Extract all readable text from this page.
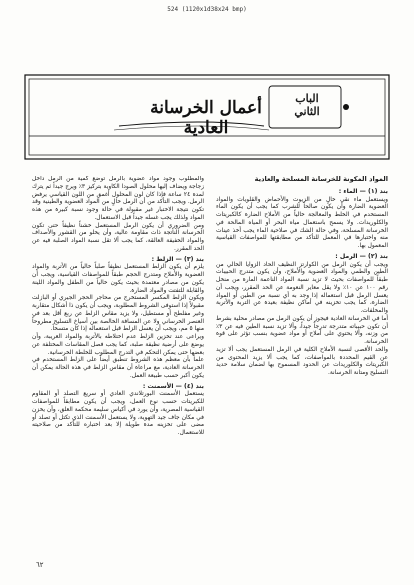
524 (1120x1d38x24 bmp)
الباب
الثاني
أعمال الخرسانة العادية

المواد المكونة للخرسانة المسلحة والعادية

بند (١) — الماء :

ويستعمل ماء نقي خالٍ من الزيوت والأحماض والقلويات والمواد العضوية الضارة وأن يكون صالحاً للشرب كما يجب أن يكون الماء المستخدم في الخلط والمعالجة خالياً من الأملاح الضارة كالكبريتات والكلوريدات. ولا يسمح باستعمال مياه البحر أو المياه المالحة في الخرسانة المسلحة، وفي حالة الشك في صلاحية الماء يجب أخذ عينات منه واختبارها في المعمل للتأكد من مطابقتها للمواصفات القياسية المعمول بها.

بند (٢) — الرمل :

ويجب أن يكون الرمل من الكوارتز النظيف الحاد الزوايا الخالي من الطين والطمي والمواد العضوية والأملاح، وأن يكون متدرج الحبيبات طبقاً للمواصفات بحيث لا تزيد نسبة المواد الناعمة المارة من منخل رقم ١٠٠ عن ١٠٪ ولا يقل معاير النعومة عن الحد المقرر، ويجب أن يغسل الرمل قبل استعماله إذا وجد به أي نسبة من الطين أو المواد الضارة، كما يجب تخزينه في أماكن نظيفة بعيدة عن التربة والأتربة والمخلفات.

أما في الخرسانة العادية فيجوز أن يكون الرمل من مصادر محلية بشرط أن تكون حبيباته متدرجة تدرجاً جيداً، وألا تزيد نسبة الطين فيه عن ٣٪ من وزنه، وألا يحتوي على أملاح أو مواد عضوية بنسب تؤثر على قوة الخرسانة.

والحد الأقصى لنسبة الأملاح الكلية في الرمل المستعمل يجب ألا تزيد عن القيم المحددة بالمواصفات، كما يجب ألا يزيد المحتوى من الكبريتات والكلوريدات عن الحدود المسموح بها لضمان سلامة حديد التسليح ومتانة الخرسانة.

والمطلوب وجود مواد عضوية بالرمل توضع كمية من الرمل داخل زجاجة ويضاف إليها محلول الصودا الكاوية بتركيز ٣٪ ويرج جيداً ثم يترك لمدة ٢٤ ساعة فإذا كان لون المحلول أغمق من اللون القياسي يرفض الرمل. ويجب التأكد من أن الرمل خالٍ من المواد العضوية والطينية وقد تكون نتيجة الاختبار غير مقبولة في حالة وجود نسبة كبيرة من هذه المواد ولذلك يجب غسله جيداً قبل الاستعمال.

ومن الضروري أن يكون الرمل المستعمل خشناً نظيفاً حتى تكون الخرسانة الناتجة ذات مقاومة عالية، وأن يخلو من القشور والأصداف والمواد الخفيفة العالقة، كما يجب ألا تقل نسبة المواد الصلبة فيه عن الحد المقرر.

بند (٣) — الزلط :

يلزم أن يكون الزلط المستعمل نظيفاً صلباً خالياً من الأتربة والمواد العضوية والأملاح ومتدرج الحجم طبقاً للمواصفات القياسية، ويجب أن يكون من مصادر معتمدة بحيث يكون خالياً من الطفل والمواد اللينة والقابلة للتفتت والمواد الضارة.

ويكون الزلط المكسر المستخرج من محاجر الحجر الجيري أو البازلت مقبولاً إذا استوفى الشروط المطلوبة، ويجب أن يكون ذا أشكال متقاربة وغير مفلطح أو مستطيل، ولا يزيد مقاس الزلط عن ربع أقل بعد في العنصر الخرساني ولا عن المسافة الخالصة بين أسياخ التسليح مطروحاً منها ٥ مم، ويجب أن يغسل الزلط قبل استعماله إذا كان متسخاً.

ويراعى عند تخزين الزلط عدم اختلاطه بالأتربة والمواد الغريبة، وأن يوضع على أرضية نظيفة صلبة، كما يجب فصل المقاسات المختلفة عن بعضها حتى يمكن التحكم في التدرج المطلوب للخلطة الخرسانية.

علماً بأن معظم هذه الشروط تنطبق أيضاً على الزلط المستخدم في الخرسانة العادية، مع مراعاة أن مقاس الزلط في هذه الحالة يمكن أن يكون أكبر حسب طبيعة العمل.

بند (٤) — الأسمنت :

يستعمل الأسمنت البورتلاندي العادي أو سريع التصلد أو المقاوم للكبريتات حسب نوع العمل، ويجب أن يكون مطابقاً للمواصفات القياسية المصرية، وأن يورد في أكياس سليمة محكمة الغلق، وأن يخزن في مكان جاف جيد التهوية، ولا يستعمل الأسمنت الذي تكتل أو تصلد أو مضى على تخزينه مدة طويلة إلا بعد اختباره للتأكد من صلاحيته للاستعمال.

٦٢
